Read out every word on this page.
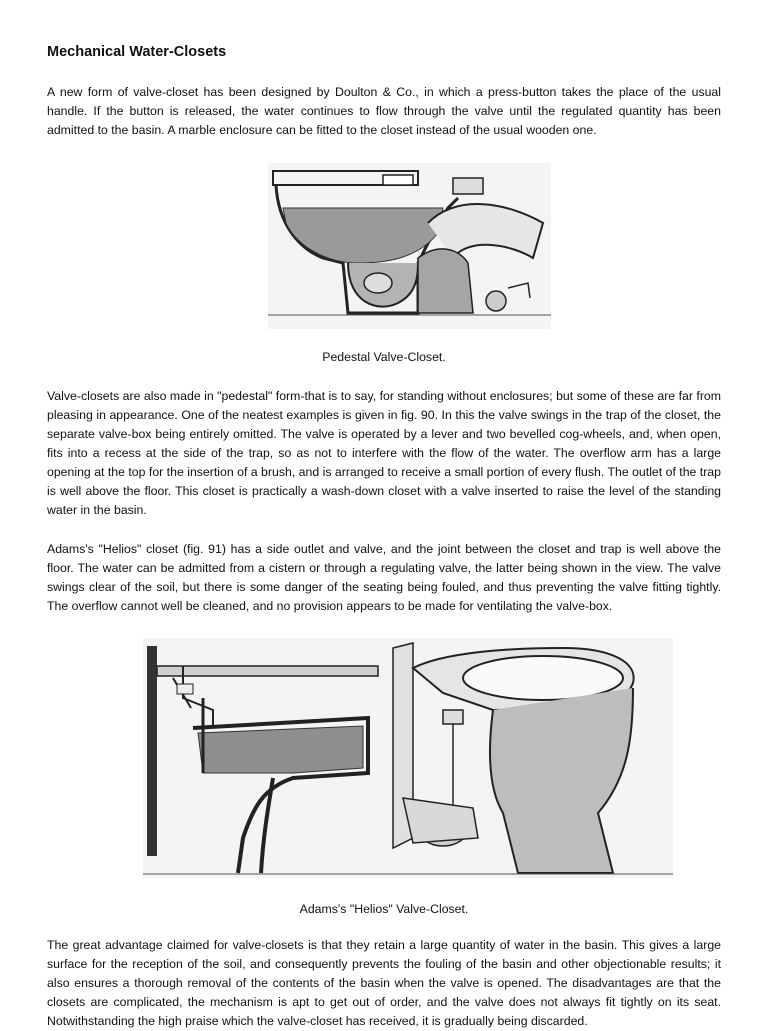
Mechanical Water-Closets

A new form of valve-closet has been designed by Doulton & Co., in which a press-button takes the place of the usual handle. If the button is released, the water continues to flow through the valve until the regulated quantity has been admitted to the basin. A marble enclosure can be fitted to the closet instead of the usual wooden one.

Pedestal Valve-Closet.

Valve-closets are also made in "pedestal" form-that is to say, for standing without enclosures; but some of these are far from pleasing in appearance. One of the neatest examples is given in fig. 90. In this the valve swings in the trap of the closet, the separate valve-box being entirely omitted. The valve is operated by a lever and two bevelled cog-wheels, and, when open, fits into a recess at the side of the trap, so as not to interfere with the flow of the water. The overflow arm has a large opening at the top for the insertion of a brush, and is arranged to receive a small portion of every flush. The outlet of the trap is well above the floor. This closet is practically a wash-down closet with a valve inserted to raise the level of the standing water in the basin.

Adams's "Helios" closet (fig. 91) has a side outlet and valve, and the joint between the closet and trap is well above the floor. The water can be admitted from a cistern or through a regulating valve, the latter being shown in the view. The valve swings clear of the soil, but there is some danger of the seating being fouled, and thus preventing the valve fitting tightly. The overflow cannot well be cleaned, and no provision appears to be made for ventilating the valve-box.

Adams's "Helios" Valve-Closet.

The great advantage claimed for valve-closets is that they retain a large quantity of water in the basin. This gives a large surface for the reception of the soil, and consequently prevents the fouling of the basin and other objectionable results; it also ensures a thorough removal of the contents of the basin when the valve is opened. The disadvantages are that the closets are complicated, the mechanism is apt to get out of order, and the valve does not always fit tightly on its seat. Notwithstanding the high praise which the valve-closet has received, it is gradually being discarded.
